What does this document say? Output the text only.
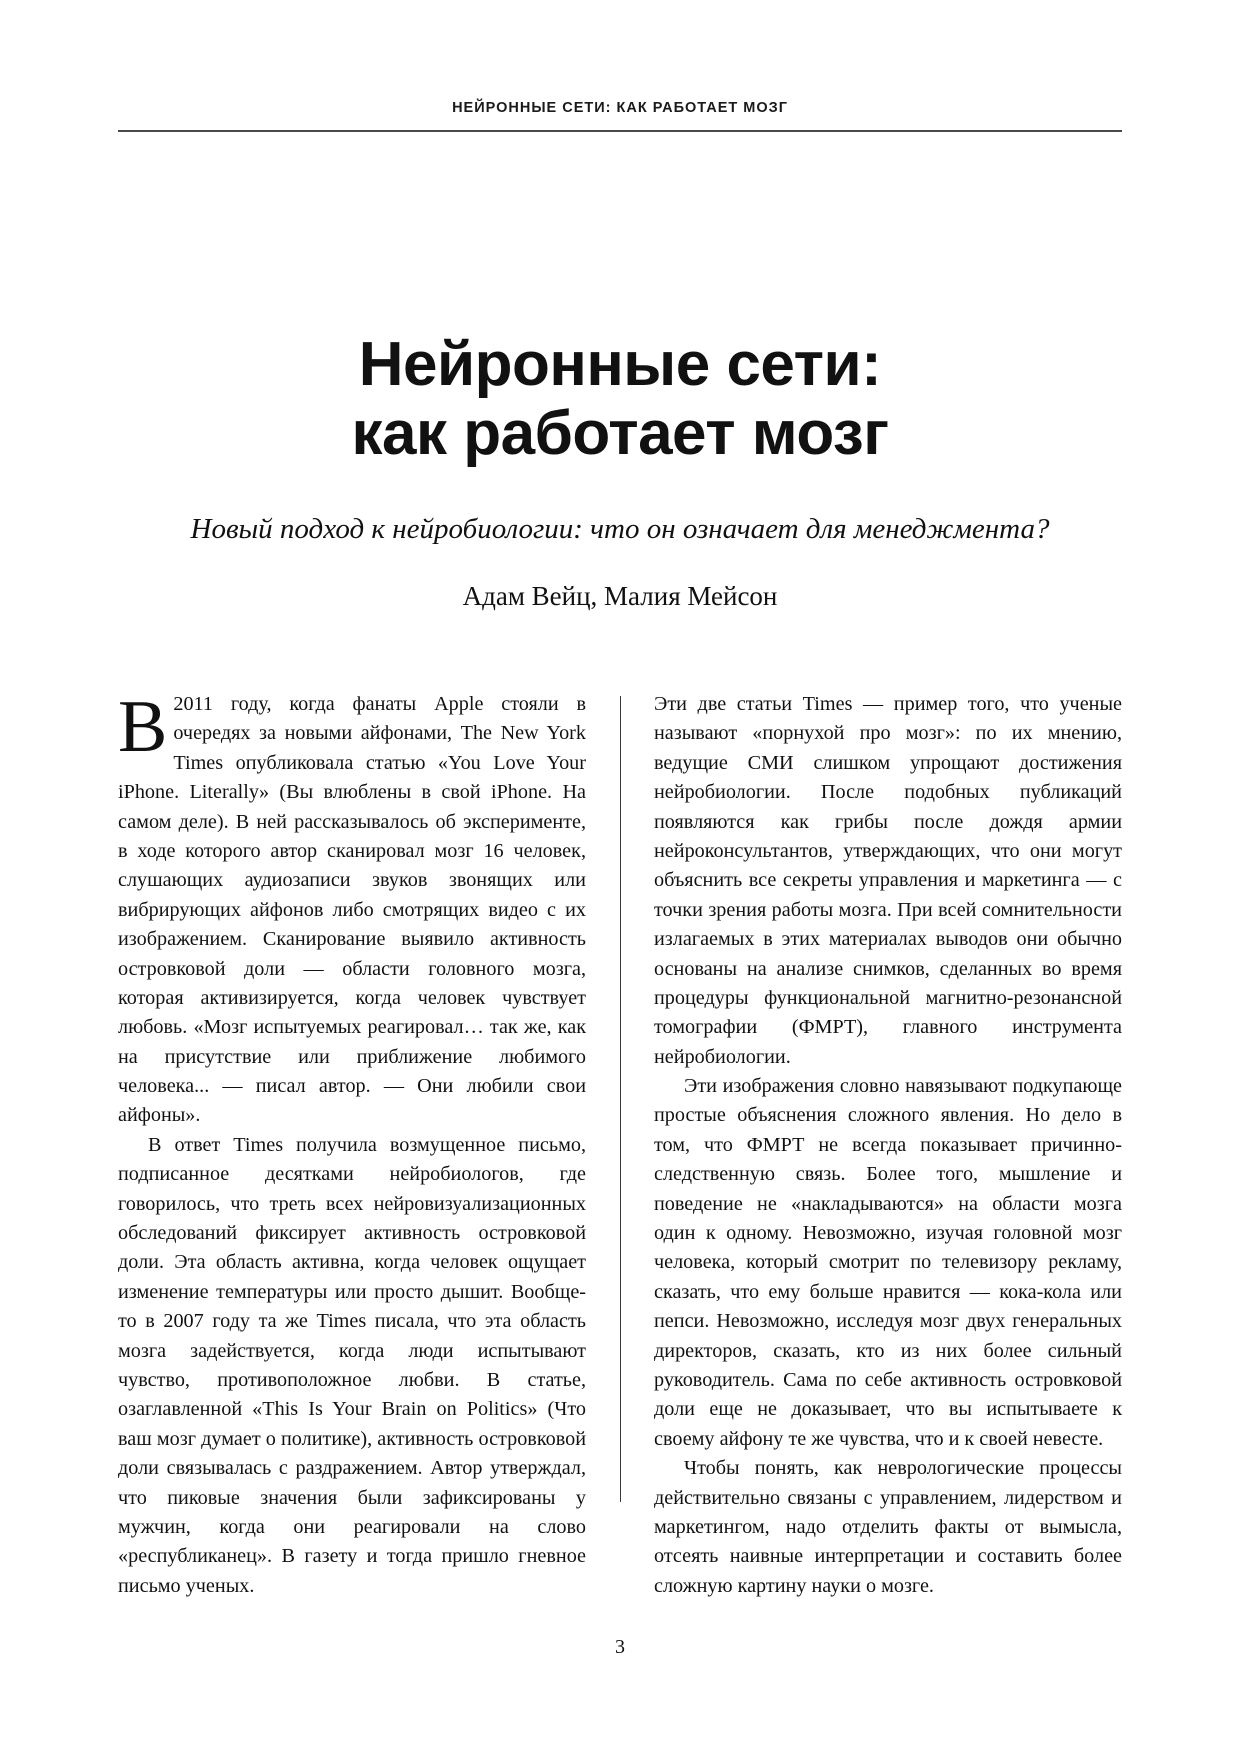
НЕЙРОННЫЕ СЕТИ: КАК РАБОТАЕТ МОЗГ
Нейронные сети:
как работает мозг
Новый подход к нейробиологии: что он означает для менеджмента?
Адам Вейц, Малия Мейсон

В 2011 году, когда фанаты Apple стояли в очередях за новыми айфонами, The New York Times опубликовала статью «You Love Your iPhone. Literally» (Вы влюблены в свой iPhone. На самом деле). В ней рассказывалось об эксперименте, в ходе которого автор сканировал мозг 16 человек, слушающих аудиозаписи звуков звонящих или вибрирующих айфонов либо смотрящих видео с их изображением. Сканирование выявило активность островковой доли — области головного мозга, которая активизируется, когда человек чувствует любовь. «Мозг испытуемых реагировал… так же, как на присутствие или приближение любимого человека... — писал автор. — Они любили свои айфоны».

В ответ Times получила возмущенное письмо, подписанное десятками нейробиологов, где говорилось, что треть всех нейровизуализационных обследований фиксирует активность островковой доли. Эта область активна, когда человек ощущает изменение температуры или просто дышит. Вообще-то в 2007 году та же Times писала, что эта область мозга задействуется, когда люди испытывают чувство, противоположное любви. В статье, озаглавленной «This Is Your Brain on Politics» (Что ваш мозг думает о политике), активность островковой доли связывалась с раздражением. Автор утверждал, что пиковые значения были зафиксированы у мужчин, когда они реагировали на слово «республиканец». В газету и тогда пришло гневное письмо ученых.

Эти две статьи Times — пример того, что ученые называют «порнухой про мозг»: по их мнению, ведущие СМИ слишком упрощают достижения нейробиологии. После подобных публикаций появляются как грибы после дождя армии нейроконсультантов, утверждающих, что они могут объяснить все секреты управления и маркетинга — с точки зрения работы мозга. При всей сомнительности излагаемых в этих материалах выводов они обычно основаны на анализе снимков, сделанных во время процедуры функциональной магнитно-резонансной томографии (ФМРТ), главного инструмента нейробиологии.

Эти изображения словно навязывают подкупающе простые объяснения сложного явления. Но дело в том, что ФМРТ не всегда показывает причинно-следственную связь. Более того, мышление и поведение не «накладываются» на области мозга один к одному. Невозможно, изучая головной мозг человека, который смотрит по телевизору рекламу, сказать, что ему больше нравится — кока-кола или пепси. Невозможно, исследуя мозг двух генеральных директоров, сказать, кто из них более сильный руководитель. Сама по себе активность островковой доли еще не доказывает, что вы испытываете к своему айфону те же чувства, что и к своей невесте.

Чтобы понять, как неврологические процессы действительно связаны с управлением, лидерством и маркетингом, надо отделить факты от вымысла, отсеять наивные интерпретации и составить более сложную картину науки о мозге.

3
